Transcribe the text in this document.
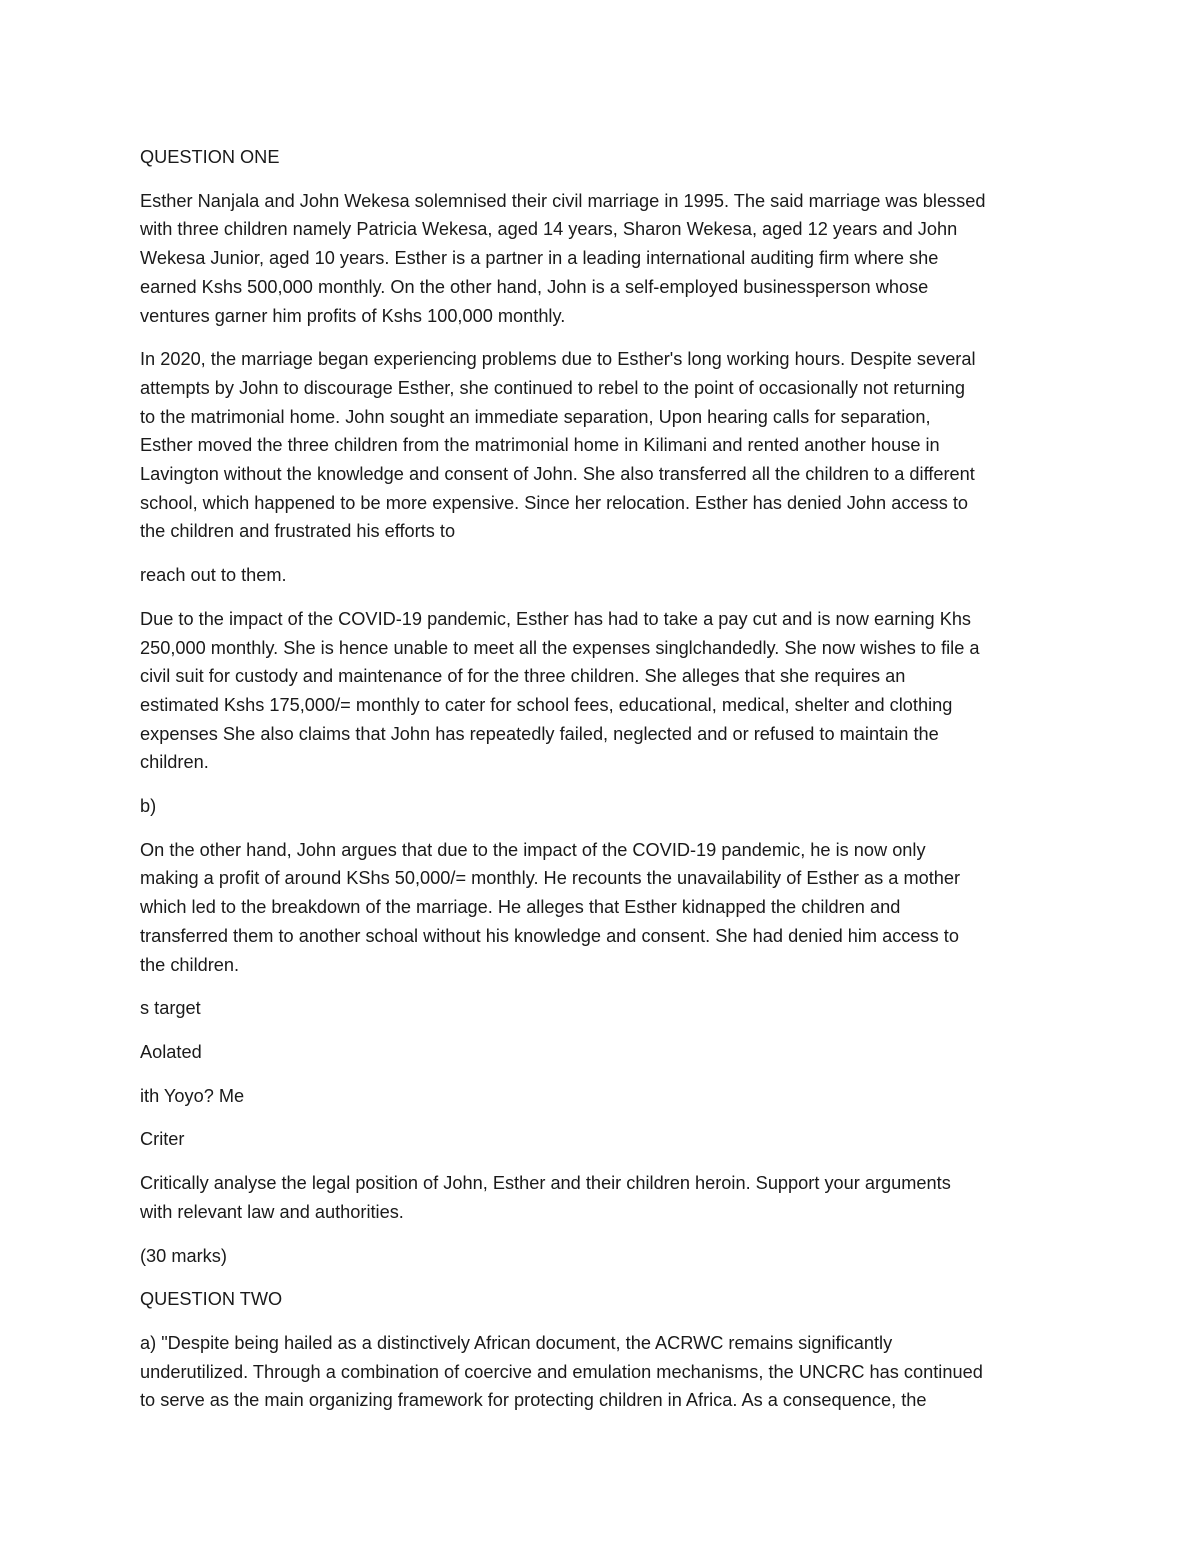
QUESTION ONE

Esther Nanjala and John Wekesa solemnised their civil marriage in 1995. The said marriage was blessed
with three children namely Patricia Wekesa, aged 14 years, Sharon Wekesa, aged 12 years and John
Wekesa Junior, aged 10 years. Esther is a partner in a leading international auditing firm where she
earned Kshs 500,000 monthly. On the other hand, John is a self-employed businessperson whose
ventures garner him profits of Kshs 100,000 monthly.

In 2020, the marriage began experiencing problems due to Esther's long working hours. Despite several
attempts by John to discourage Esther, she continued to rebel to the point of occasionally not returning
to the matrimonial home. John sought an immediate separation, Upon hearing calls for separation,
Esther moved the three children from the matrimonial home in Kilimani and rented another house in
Lavington without the knowledge and consent of John. She also transferred all the children to a different
school, which happened to be more expensive. Since her relocation. Esther has denied John access to
the children and frustrated his efforts to

reach out to them.

Due to the impact of the COVID-19 pandemic, Esther has had to take a pay cut and is now earning Khs
250,000 monthly. She is hence unable to meet all the expenses singlchandedly. She now wishes to file a
civil suit for custody and maintenance of for the three children. She alleges that she requires an
estimated Kshs 175,000/= monthly to cater for school fees, educational, medical, shelter and clothing
expenses She also claims that John has repeatedly failed, neglected and or refused to maintain the
children.

b)

On the other hand, John argues that due to the impact of the COVID-19 pandemic, he is now only
making a profit of around KShs 50,000/= monthly. He recounts the unavailability of Esther as a mother
which led to the breakdown of the marriage. He alleges that Esther kidnapped the children and
transferred them to another schoal without his knowledge and consent. She had denied him access to
the children.

s target

Aolated

ith Yoyo? Me

Criter

Critically analyse the legal position of John, Esther and their children heroin. Support your arguments
with relevant law and authorities.

(30 marks)

QUESTION TWO

a) "Despite being hailed as a distinctively African document, the ACRWC remains significantly
underutilized. Through a combination of coercive and emulation mechanisms, the UNCRC has continued
to serve as the main organizing framework for protecting children in Africa. As a consequence, the
